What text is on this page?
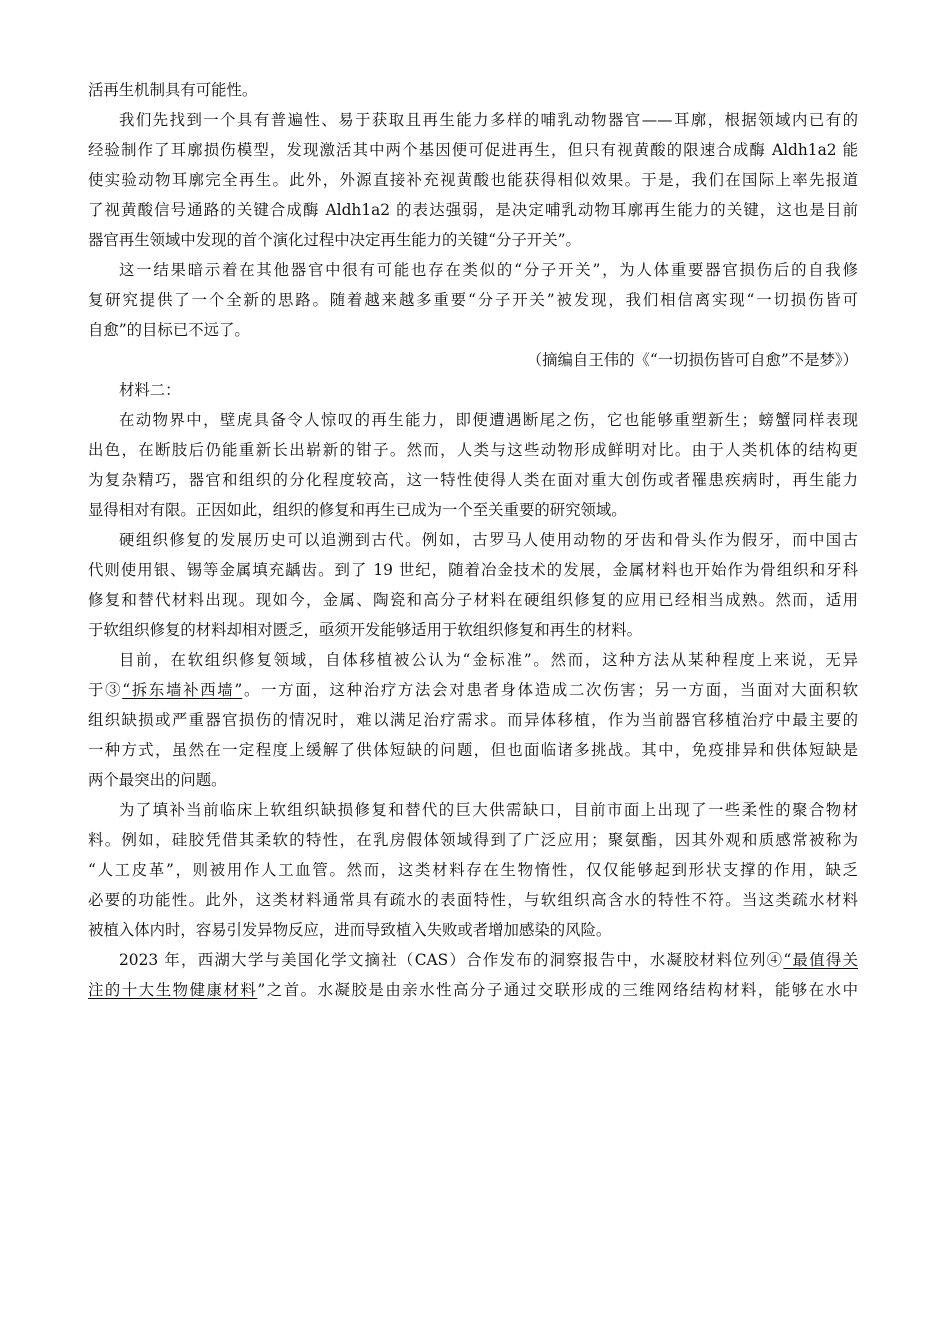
活再生机制具有可能性。
我们先找到一个具有普遍性、易于获取且再生能力多样的哺乳动物器官——耳廓，根据领域内已有的
经验制作了耳廓损伤模型，发现激活其中两个基因便可促进再生，但只有视黄酸的限速合成酶 Aldh1a2 能
使实验动物耳廓完全再生。此外，外源直接补充视黄酸也能获得相似效果。于是，我们在国际上率先报道
了视黄酸信号通路的关键合成酶 Aldh1a2 的表达强弱，是决定哺乳动物耳廓再生能力的关键，这也是目前
器官再生领域中发现的首个演化过程中决定再生能力的关键“分子开关”。
这一结果暗示着在其他器官中很有可能也存在类似的“分子开关”，为人体重要器官损伤后的自我修
复研究提供了一个全新的思路。随着越来越多重要“分子开关”被发现，我们相信离实现“一切损伤皆可
自愈”的目标已不远了。
（摘编自王伟的《“一切损伤皆可自愈”不是梦》）
材料二：
在动物界中，壁虎具备令人惊叹的再生能力，即便遭遇断尾之伤，它也能够重塑新生；螃蟹同样表现
出色，在断肢后仍能重新长出崭新的钳子。然而，人类与这些动物形成鲜明对比。由于人类机体的结构更
为复杂精巧，器官和组织的分化程度较高，这一特性使得人类在面对重大创伤或者罹患疾病时，再生能力
显得相对有限。正因如此，组织的修复和再生已成为一个至关重要的研究领域。
硬组织修复的发展历史可以追溯到古代。例如，古罗马人使用动物的牙齿和骨头作为假牙，而中国古
代则使用银、锡等金属填充龋齿。到了 19 世纪，随着冶金技术的发展，金属材料也开始作为骨组织和牙科
修复和替代材料出现。现如今，金属、陶瓷和高分子材料在硬组织修复的应用已经相当成熟。然而，适用
于软组织修复的材料却相对匮乏，亟须开发能够适用于软组织修复和再生的材料。
目前，在软组织修复领域，自体移植被公认为“金标准”。然而，这种方法从某种程度上来说，无异
于③“拆东墙补西墙”。一方面，这种治疗方法会对患者身体造成二次伤害；另一方面，当面对大面积软
组织缺损或严重器官损伤的情况时，难以满足治疗需求。而异体移植，作为当前器官移植治疗中最主要的
一种方式，虽然在一定程度上缓解了供体短缺的问题，但也面临诸多挑战。其中，免疫排异和供体短缺是
两个最突出的问题。
为了填补当前临床上软组织缺损修复和替代的巨大供需缺口，目前市面上出现了一些柔性的聚合物材
料。例如，硅胶凭借其柔软的特性，在乳房假体领域得到了广泛应用；聚氨酯，因其外观和质感常被称为
“人工皮革”，则被用作人工血管。然而，这类材料存在生物惰性，仅仅能够起到形状支撑的作用，缺乏
必要的功能性。此外，这类材料通常具有疏水的表面特性，与软组织高含水的特性不符。当这类疏水材料
被植入体内时，容易引发异物反应，进而导致植入失败或者增加感染的风险。
2023 年，西湖大学与美国化学文摘社（CAS）合作发布的洞察报告中，水凝胶材料位列④“最值得关
注的十大生物健康材料”之首。水凝胶是由亲水性高分子通过交联形成的三维网络结构材料，能够在水中
